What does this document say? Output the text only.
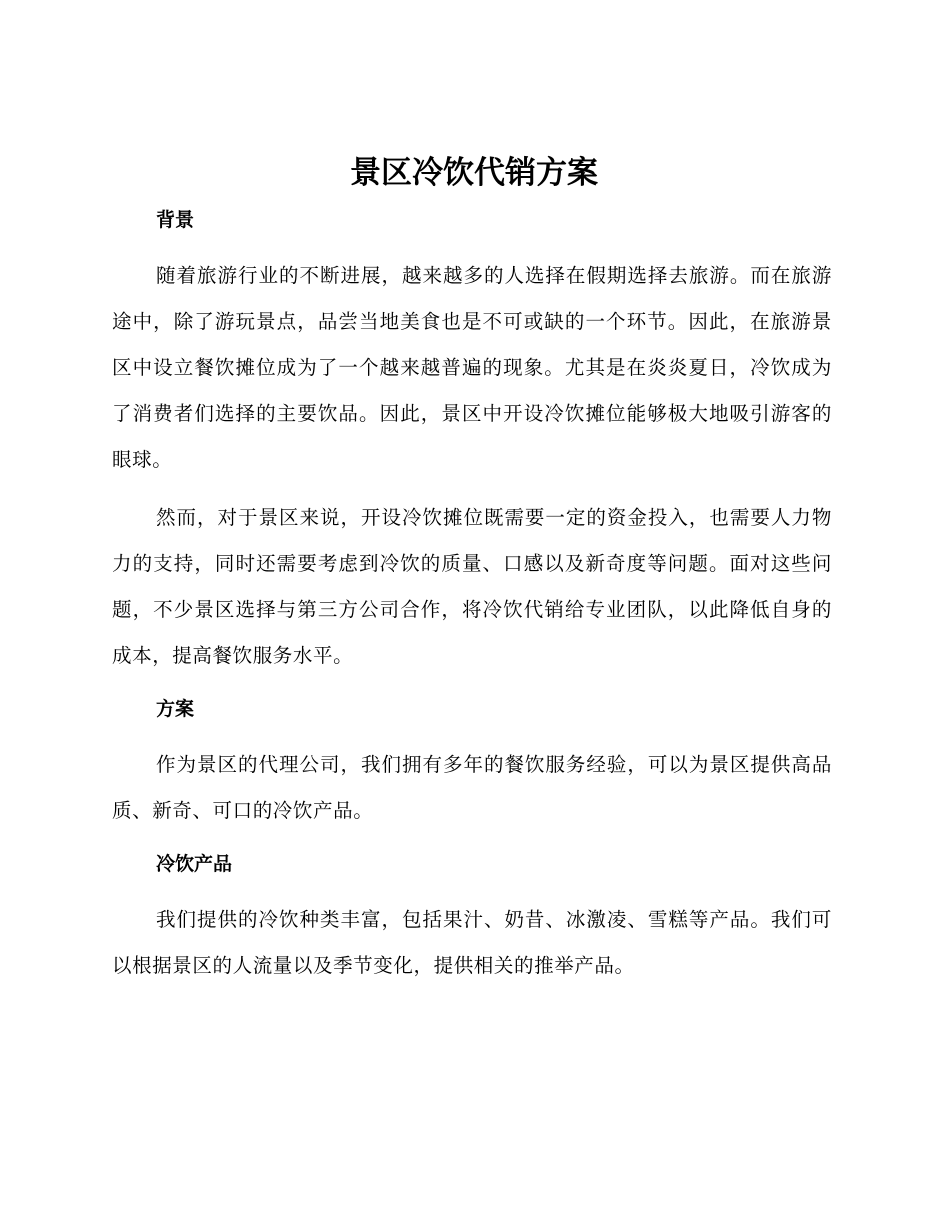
景区冷饮代销方案
背景

随着旅游行业的不断进展，越来越多的人选择在假期选择去旅游。而在旅游途中，除了游玩景点，品尝当地美食也是不可或缺的一个环节。因此，在旅游景区中设立餐饮摊位成为了一个越来越普遍的现象。尤其是在炎炎夏日，冷饮成为了消费者们选择的主要饮品。因此，景区中开设冷饮摊位能够极大地吸引游客的眼球。

然而，对于景区来说，开设冷饮摊位既需要一定的资金投入，也需要人力物力的支持，同时还需要考虑到冷饮的质量、口感以及新奇度等问题。面对这些问题，不少景区选择与第三方公司合作，将冷饮代销给专业团队，以此降低自身的成本，提高餐饮服务水平。

方案

作为景区的代理公司，我们拥有多年的餐饮服务经验，可以为景区提供高品质、新奇、可口的冷饮产品。

冷饮产品

我们提供的冷饮种类丰富，包括果汁、奶昔、冰激凌、雪糕等产品。我们可以根据景区的人流量以及季节变化，提供相关的推举产品。
